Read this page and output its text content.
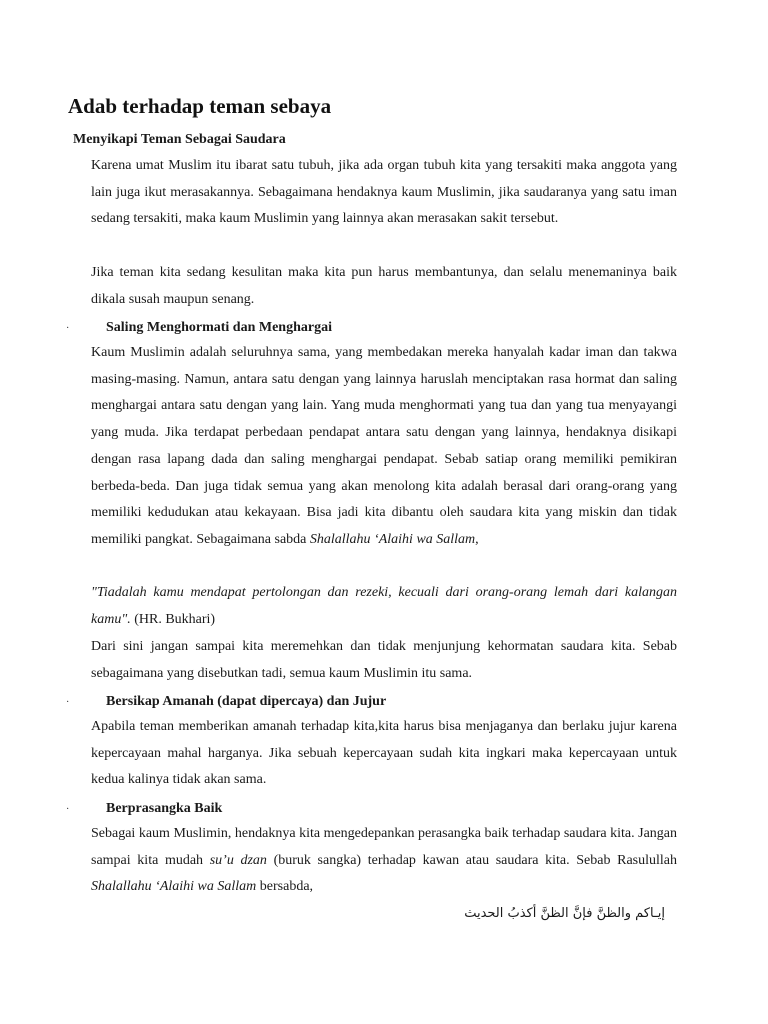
Adab terhadap teman sebaya

Menyikapi Teman Sebagai Saudara

Karena umat Muslim itu ibarat satu tubuh, jika ada organ tubuh kita yang tersakiti maka anggota yang lain juga ikut merasakannya. Sebagaimana hendaknya kaum Muslimin, jika saudaranya yang satu iman sedang tersakiti, maka kaum Muslimin yang lainnya akan merasakan sakit tersebut.

Jika teman kita sedang kesulitan maka kita pun harus membantunya, dan selalu menemaninya baik dikala susah maupun senang.

·	Saling Menghormati dan Menghargai

Kaum Muslimin adalah seluruhnya sama, yang membedakan mereka hanyalah kadar iman dan takwa masing-masing. Namun, antara satu dengan yang lainnya haruslah menciptakan rasa hormat dan saling menghargai antara satu dengan yang lain. Yang muda menghormati yang tua dan yang tua menyayangi yang muda. Jika terdapat perbedaan pendapat antara satu dengan yang lainnya, hendaknya disikapi dengan rasa lapang dada dan saling menghargai pendapat. Sebab satiap orang memiliki pemikiran berbeda-beda. Dan juga tidak semua yang akan menolong kita adalah berasal dari orang-orang yang memiliki kedudukan atau kekayaan. Bisa jadi kita dibantu oleh saudara kita yang miskin dan tidak memiliki pangkat. Sebagaimana sabda Shalallahu ‘Alaihi wa Sallam,

"Tiadalah kamu mendapat pertolongan dan rezeki, kecuali dari orang-orang lemah dari kalangan kamu". (HR. Bukhari)

Dari sini jangan sampai kita meremehkan dan tidak menjunjung kehormatan saudara kita. Sebab sebagaimana yang disebutkan tadi, semua kaum Muslimin itu sama.

·	Bersikap Amanah (dapat dipercaya) dan Jujur

Apabila teman memberikan amanah terhadap kita,kita harus bisa menjaganya dan berlaku jujur karena kepercayaan mahal harganya. Jika sebuah kepercayaan sudah kita ingkari maka kepercayaan untuk kedua kalinya tidak akan sama.

·	Berprasangka Baik

Sebagai kaum Muslimin, hendaknya kita mengedepankan perasangka baik terhadap saudara kita. Jangan sampai kita mudah su’u dzan (buruk sangka) terhadap kawan atau saudara kita. Sebab Rasulullah Shalallahu ‘Alaihi wa Sallam bersabda,

إيـاكم والظنَّ فإنَّ الظنَّ أكذبُ الحديث
